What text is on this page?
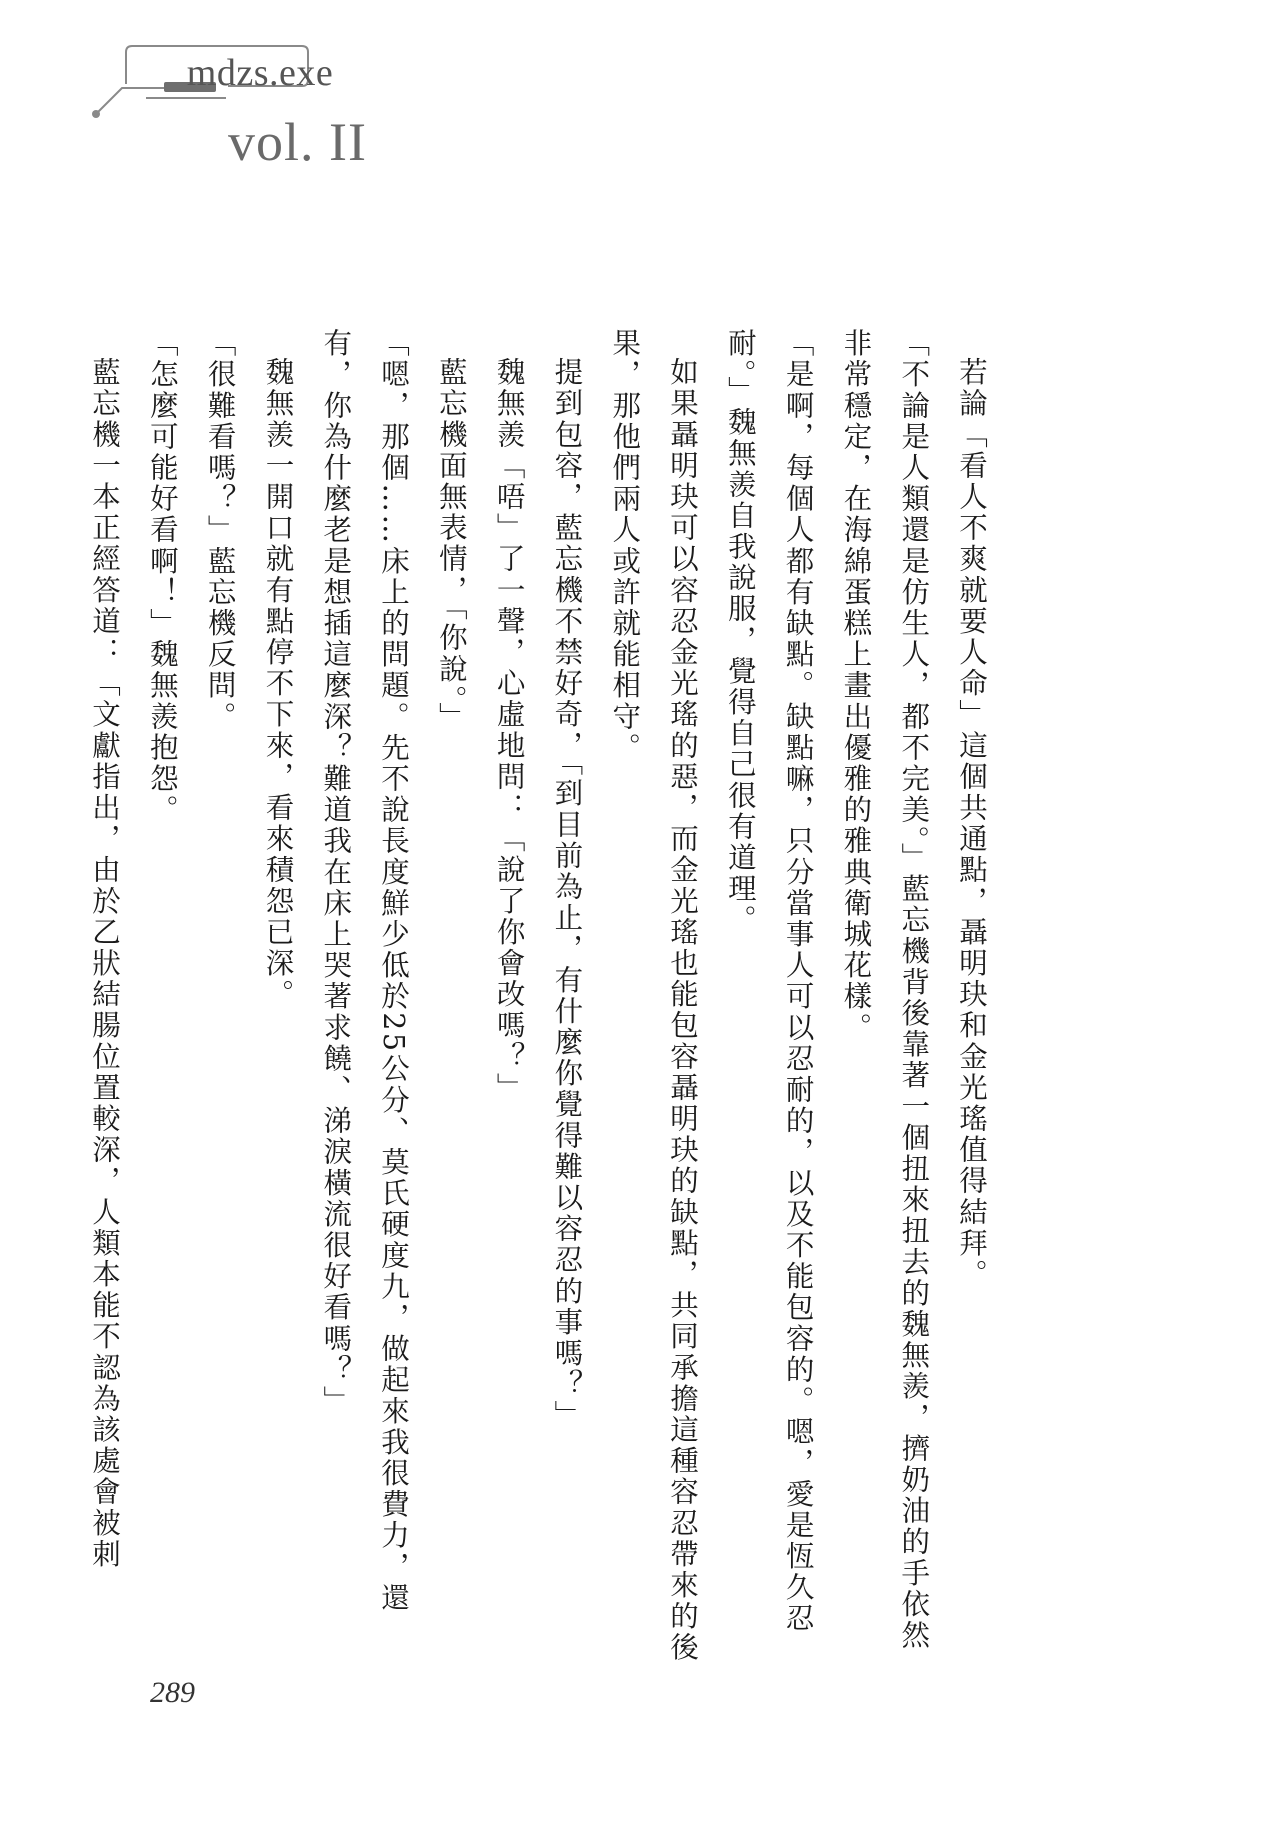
mdzs.exe
vol. II

若論「看人不爽就要人命」這個共通點，聶明玦和金光瑤值得結拜。

「不論是人類還是仿生人，都不完美。」藍忘機背後靠著一個扭來扭去的魏無羨，擠奶油的手依然非常穩定，在海綿蛋糕上畫出優雅的雅典衛城花樣。

「是啊，每個人都有缺點。缺點嘛，只分當事人可以忍耐的，以及不能包容的。嗯，愛是恆久忍耐。」魏無羨自我說服，覺得自己很有道理。

如果聶明玦可以容忍金光瑤的惡，而金光瑤也能包容聶明玦的缺點，共同承擔這種容忍帶來的後果，那他們兩人或許就能相守。

提到包容，藍忘機不禁好奇，「到目前為止，有什麼你覺得難以容忍的事嗎？」

魏無羨「唔」了一聲，心虛地問：「說了你會改嗎？」

藍忘機面無表情，「你說。」

「嗯，那個……床上的問題。先不說長度鮮少低於25公分、莫氏硬度九，做起來我很費力，還有，你為什麼老是想插這麼深？難道我在床上哭著求饒、涕淚橫流很好看嗎？」

魏無羨一開口就有點停不下來，看來積怨已深。

「很難看嗎？」藍忘機反問。

「怎麼可能好看啊！」魏無羨抱怨。

藍忘機一本正經答道：「文獻指出，由於乙狀結腸位置較深，人類本能不認為該處會被刺

289
